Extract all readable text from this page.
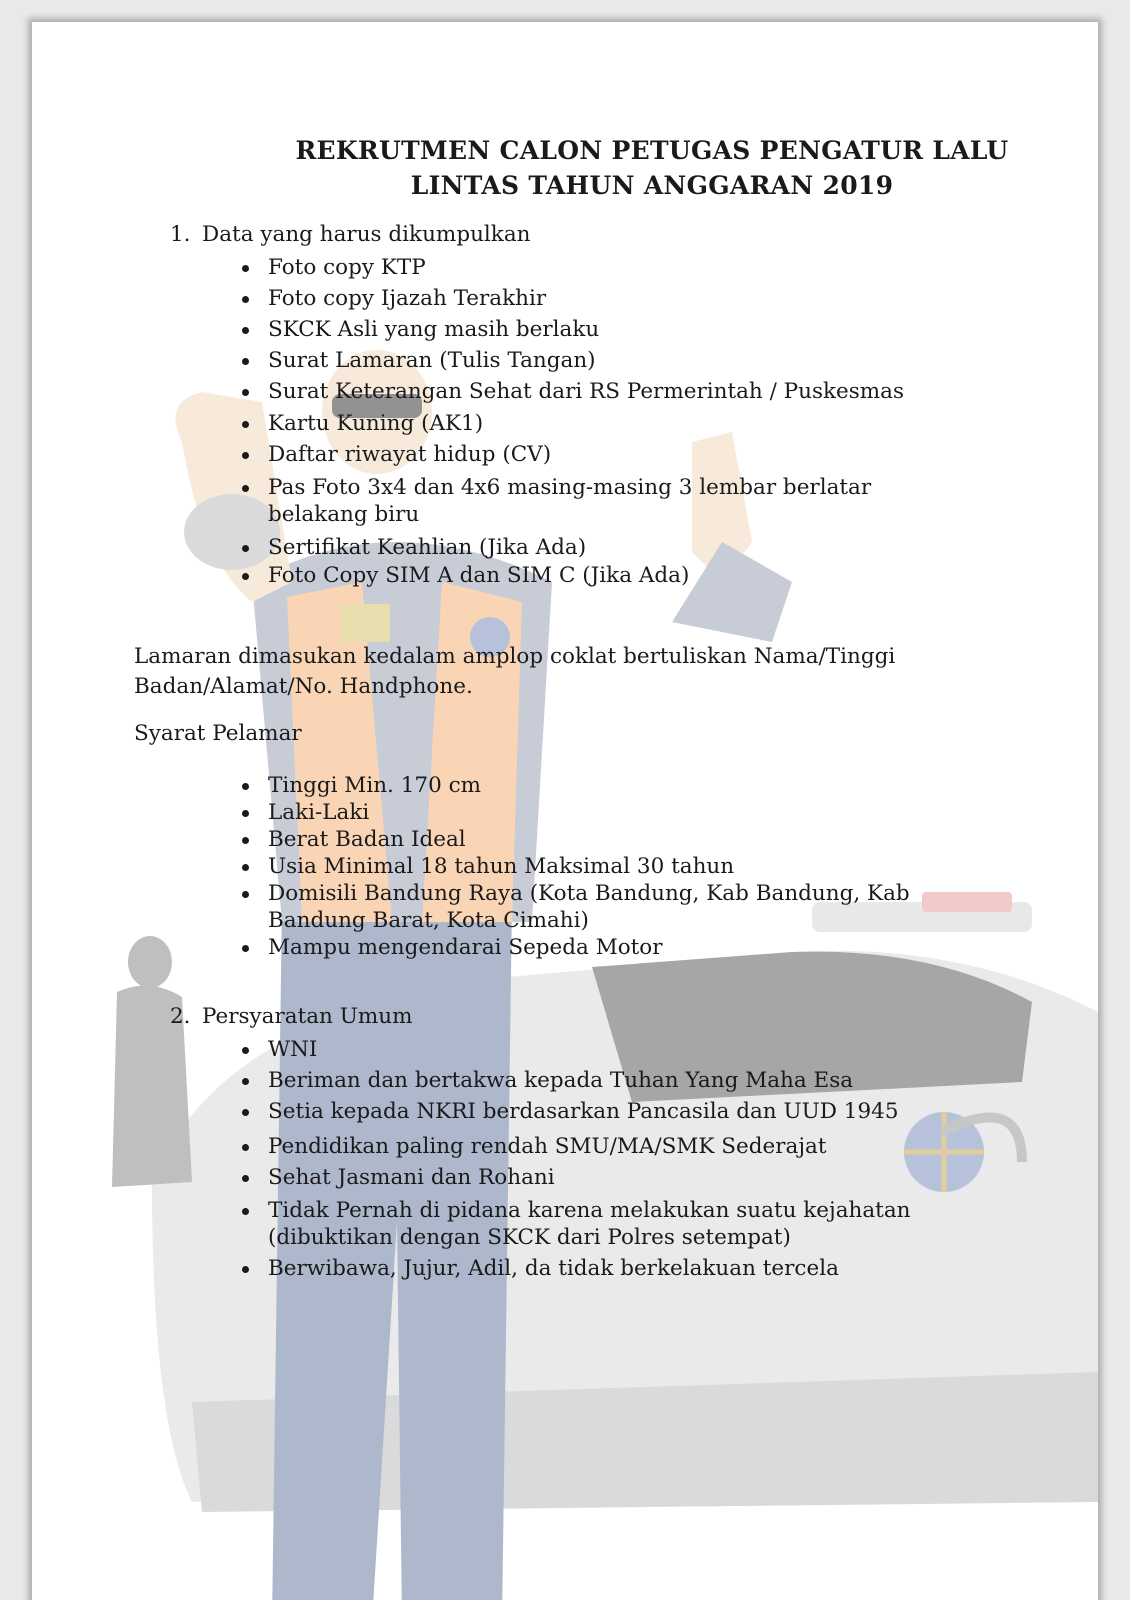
REKRUTMEN CALON PETUGAS PENGATUR LALU
LINTAS TAHUN ANGGARAN 2019

1. Data yang harus dikumpulkan

Foto copy KTP
Foto copy Ijazah Terakhir
SKCK Asli yang masih berlaku
Surat Lamaran (Tulis Tangan)
Surat Keterangan Sehat dari RS Permerintah / Puskesmas
Kartu Kuning (AK1)
Daftar riwayat hidup (CV)
Pas Foto 3x4 dan 4x6 masing-masing 3 lembar berlatar belakang biru
Sertifikat Keahlian (Jika Ada)
Foto Copy SIM A dan SIM C (Jika Ada)

Lamaran dimasukan kedalam amplop coklat bertuliskan Nama/Tinggi Badan/Alamat/No. Handphone.

Syarat Pelamar

Tinggi Min. 170 cm
Laki-Laki
Berat Badan Ideal
Usia Minimal 18 tahun Maksimal 30 tahun
Domisili Bandung Raya (Kota Bandung, Kab Bandung, Kab Bandung Barat, Kota Cimahi)
Mampu mengendarai Sepeda Motor

2. Persyaratan Umum

WNI
Beriman dan bertakwa kepada Tuhan Yang Maha Esa
Setia kepada NKRI berdasarkan Pancasila dan UUD 1945
Pendidikan paling rendah SMU/MA/SMK Sederajat
Sehat Jasmani dan Rohani
Tidak Pernah di pidana karena melakukan suatu kejahatan (dibuktikan dengan SKCK dari Polres setempat)
Berwibawa, Jujur, Adil, da tidak berkelakuan tercela
